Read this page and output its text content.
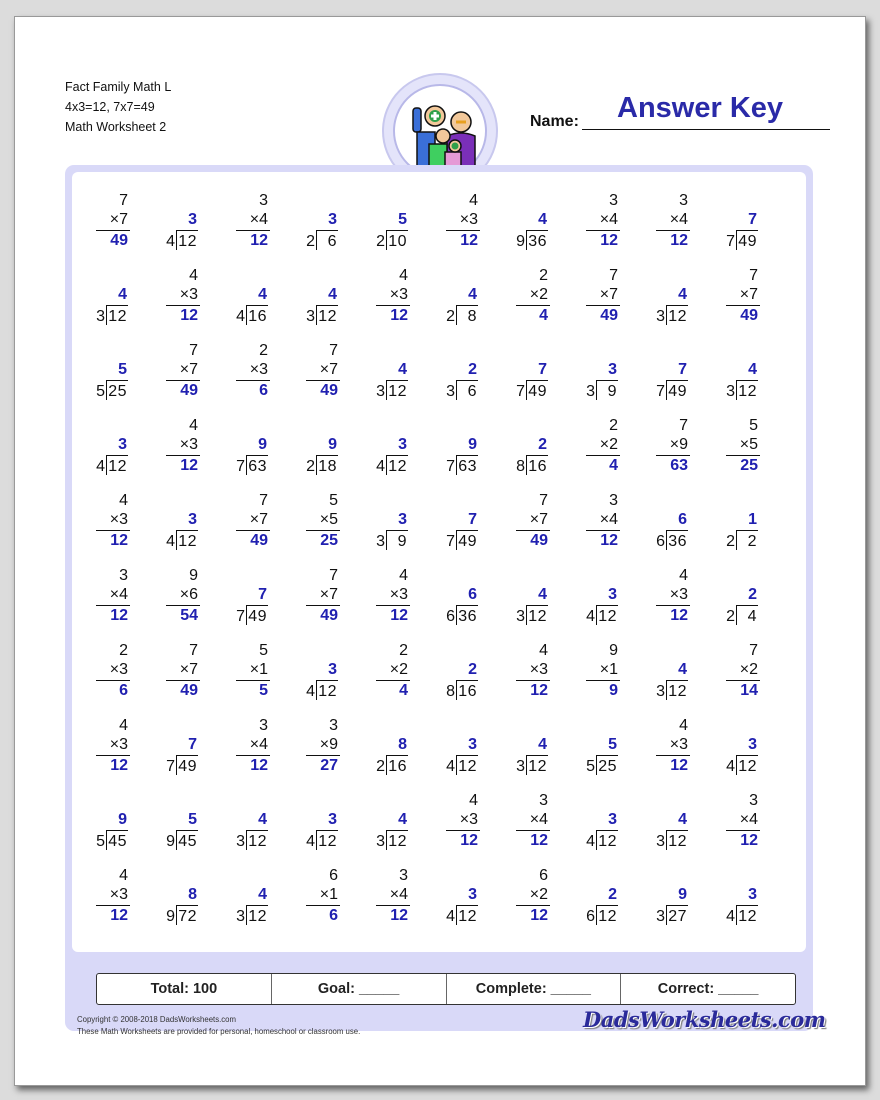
Fact Family Math L
4x3=12, 7x7=49
Math Worksheet 2	Name: Answer Key
7
×7
49
3
4 12
3
×4
12
3
2 6
5
2 10
4
×3
12
4
9 36
3
×4
12
3
×4
12
7
7 49
4
3 12
4
×3
12
4
4 16
4
3 12
4
×3
12
4
2 8
2
×2
4
7
×7
49
4
3 12
7
×7
49
5
5 25
7
×7
49
2
×3
6
7
×7
49
4
3 12
2
3 6
7
7 49
3
3 9
7
7 49
4
3 12
3
4 12
4
×3
12
9
7 63
9
2 18
3
4 12
9
7 63
2
8 16
2
×2
4
7
×9
63
5
×5
25
4
×3
12
3
4 12
7
×7
49
5
×5
25
3
3 9
7
7 49
7
×7
49
3
×4
12
6
6 36
1
2 2
3
×4
12
9
×6
54
7
7 49
7
×7
49
4
×3
12
6
6 36
4
3 12
3
4 12
4
×3
12
2
2 4
2
×3
6
7
×7
49
5
×1
5
3
4 12
2
×2
4
2
8 16
4
×3
12
9
×1
9
4
3 12
7
×2
14
4
×3
12
7
7 49
3
×4
12
3
×9
27
8
2 16
3
4 12
4
3 12
5
5 25
4
×3
12
3
4 12
9
5 45
5
9 45
4
3 12
3
4 12
4
3 12
4
×3
12
3
×4
12
3
4 12
4
3 12
3
×4
12
4
×3
12
8
9 72
4
3 12
6
×1
6
3
×4
12
3
4 12
6
×2
12
2
6 12
9
3 27
3
4 12
Total: 100	Goal: _____	Complete: _____	Correct: _____
Copyright © 2008-2018 DadsWorksheets.com
These Math Worksheets are provided for personal, homeschool or classroom use.	DadsWorksheets.com
